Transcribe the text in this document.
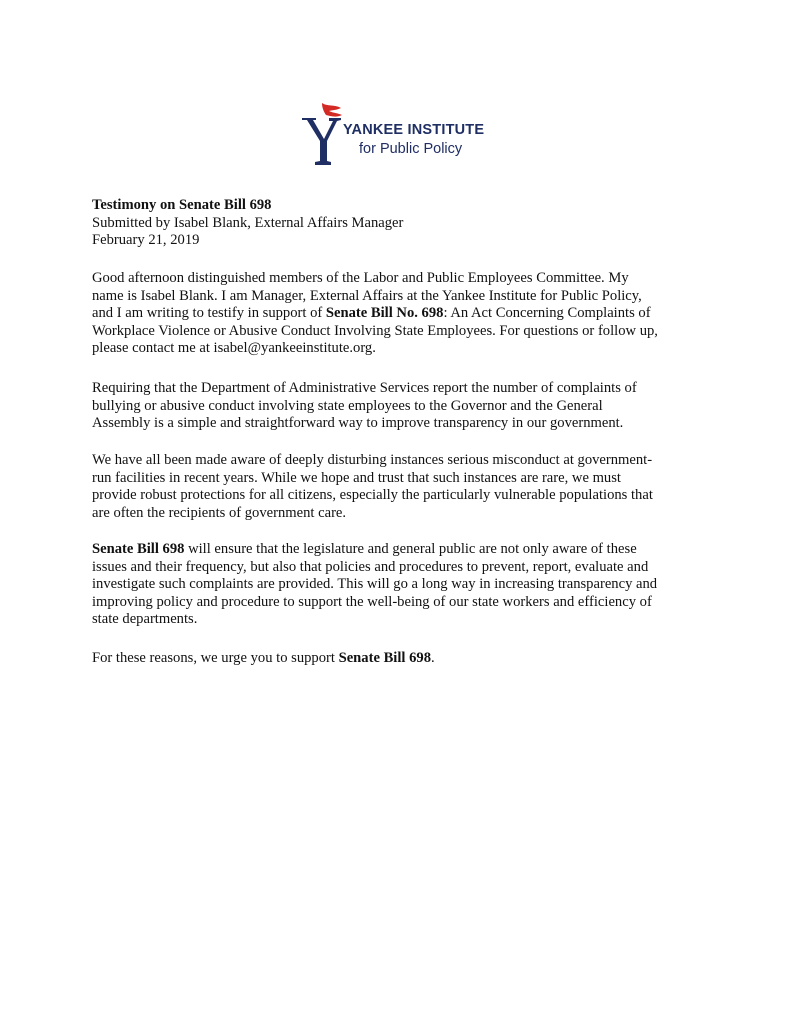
YANKEE INSTITUTE
for Public Policy
Testimony on Senate Bill 698
Submitted by Isabel Blank, External Affairs Manager
February 21, 2019
Good afternoon distinguished members of the Labor and Public Employees Committee. My
name is Isabel Blank. I am Manager, External Affairs at the Yankee Institute for Public Policy,
and I am writing to testify in support of Senate Bill No. 698: An Act Concerning Complaints of
Workplace Violence or Abusive Conduct Involving State Employees. For questions or follow up,
please contact me at isabel@yankeeinstitute.org.
Requiring that the Department of Administrative Services report the number of complaints of
bullying or abusive conduct involving state employees to the Governor and the General
Assembly is a simple and straightforward way to improve transparency in our government.
We have all been made aware of deeply disturbing instances serious misconduct at government-
run facilities in recent years. While we hope and trust that such instances are rare, we must
provide robust protections for all citizens, especially the particularly vulnerable populations that
are often the recipients of government care.
Senate Bill 698 will ensure that the legislature and general public are not only aware of these
issues and their frequency, but also that policies and procedures to prevent, report, evaluate and
investigate such complaints are provided. This will go a long way in increasing transparency and
improving policy and procedure to support the well-being of our state workers and efficiency of
state departments.
For these reasons, we urge you to support Senate Bill 698.
